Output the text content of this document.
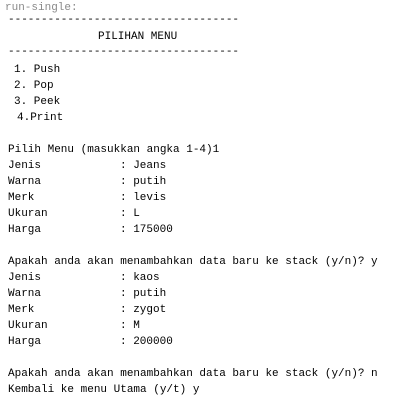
run-single:
-----------------------------------
PILIHAN MENU
-----------------------------------
1. Push
2. Pop
3. Peek
4.Print
Pilih Menu (masukkan angka 1-4)1
Jenis	: Jeans
Warna	: putih
Merk	: levis
Ukuran	: L
Harga	: 175000
Apakah anda akan menambahkan data baru ke stack (y/n)? y
Jenis	: kaos
Warna	: putih
Merk	: zygot
Ukuran	: M
Harga	: 200000
Apakah anda akan menambahkan data baru ke stack (y/n)? n
Kembali ke menu Utama (y/t) y
